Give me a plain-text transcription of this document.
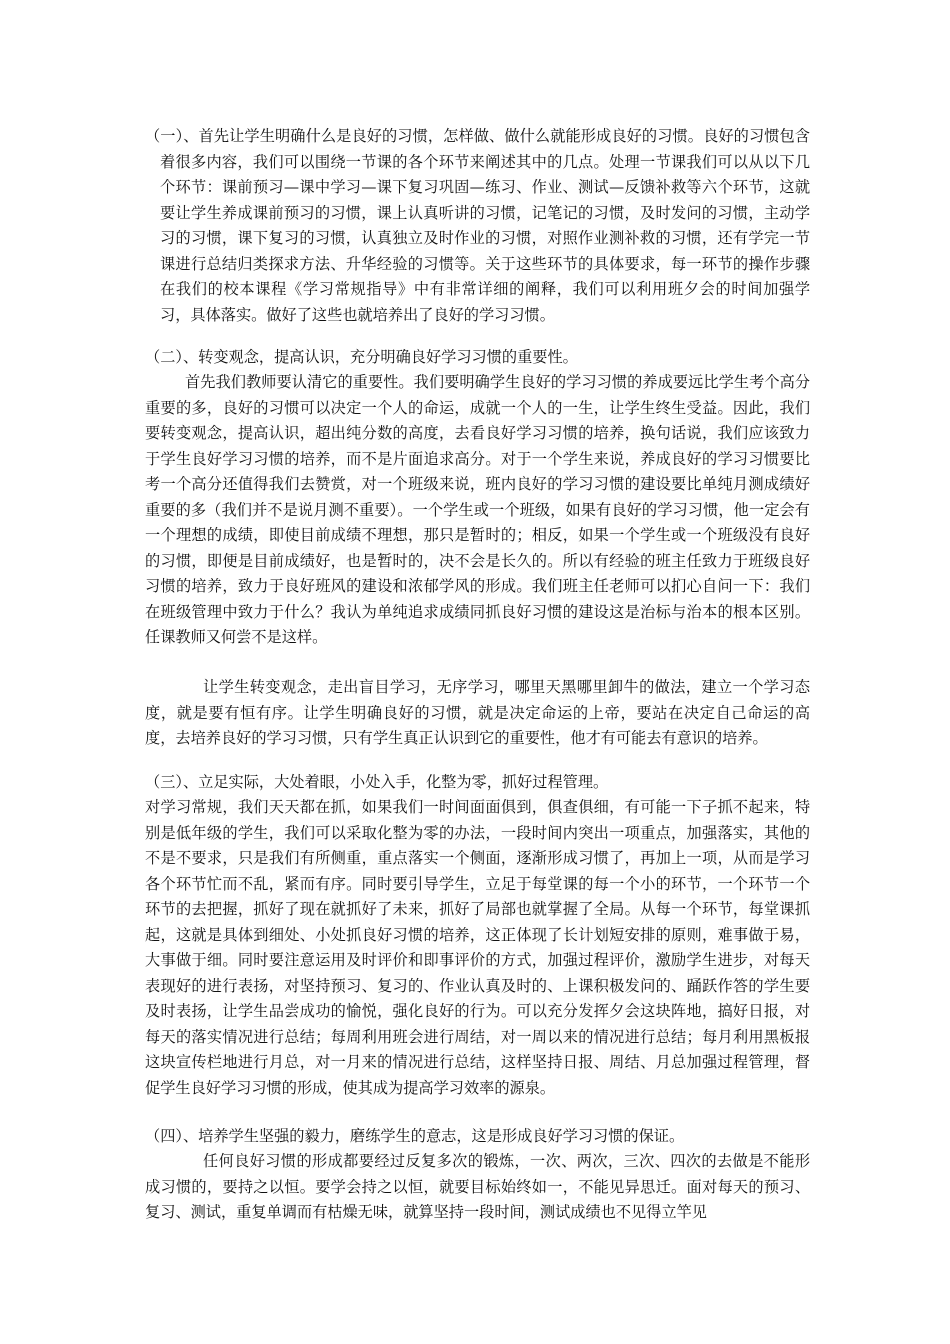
（一）、首先让学生明确什么是良好的习惯，怎样做、做什么就能形成良好的习惯。良好的习惯包含着很多内容，我们可以围绕一节课的各个环节来阐述其中的几点。处理一节课我们可以从以下几个环节：课前预习—课中学习—课下复习巩固—练习、作业、测试—反馈补救等六个环节，这就要让学生养成课前预习的习惯，课上认真听讲的习惯，记笔记的习惯，及时发问的习惯，主动学习的习惯，课下复习的习惯，认真独立及时作业的习惯，对照作业测补救的习惯，还有学完一节课进行总结归类探求方法、升华经验的习惯等。关于这些环节的具体要求，每一环节的操作步骤在我们的校本课程《学习常规指导》中有非常详细的阐释，我们可以利用班夕会的时间加强学习，具体落实。做好了这些也就培养出了良好的学习习惯。

（二）、转变观念，提高认识，充分明确良好学习习惯的重要性。

首先我们教师要认清它的重要性。我们要明确学生良好的学习习惯的养成要远比学生考个高分重要的多，良好的习惯可以决定一个人的命运，成就一个人的一生，让学生终生受益。因此，我们要转变观念，提高认识，超出纯分数的高度，去看良好学习习惯的培养，换句话说，我们应该致力于学生良好学习习惯的培养，而不是片面追求高分。对于一个学生来说，养成良好的学习习惯要比考一个高分还值得我们去赞赏，对一个班级来说，班内良好的学习习惯的建设要比单纯月测成绩好重要的多（我们并不是说月测不重要）。一个学生或一个班级，如果有良好的学习习惯，他一定会有一个理想的成绩，即使目前成绩不理想，那只是暂时的；相反，如果一个学生或一个班级没有良好的习惯，即便是目前成绩好，也是暂时的，决不会是长久的。所以有经验的班主任致力于班级良好习惯的培养，致力于良好班风的建设和浓郁学风的形成。我们班主任老师可以扪心自问一下：我们在班级管理中致力于什么？我认为单纯追求成绩同抓良好习惯的建设这是治标与治本的根本区别。任课教师又何尝不是这样。

让学生转变观念，走出盲目学习，无序学习，哪里天黑哪里卸牛的做法，建立一个学习态度，就是要有恒有序。让学生明确良好的习惯，就是决定命运的上帝，要站在决定自己命运的高度，去培养良好的学习习惯，只有学生真正认识到它的重要性，他才有可能去有意识的培养。

（三）、立足实际，大处着眼，小处入手，化整为零，抓好过程管理。

对学习常规，我们天天都在抓，如果我们一时间面面俱到，俱查俱细，有可能一下子抓不起来，特别是低年级的学生，我们可以采取化整为零的办法，一段时间内突出一项重点，加强落实，其他的不是不要求，只是我们有所侧重，重点落实一个侧面，逐渐形成习惯了，再加上一项，从而是学习各个环节忙而不乱，紧而有序。同时要引导学生，立足于每堂课的每一个小的环节，一个环节一个环节的去把握，抓好了现在就抓好了未来，抓好了局部也就掌握了全局。从每一个环节，每堂课抓起，这就是具体到细处、小处抓良好习惯的培养，这正体现了长计划短安排的原则，难事做于易，大事做于细。同时要注意运用及时评价和即事评价的方式，加强过程评价，激励学生进步，对每天表现好的进行表扬，对坚持预习、复习的、作业认真及时的、上课积极发问的、踊跃作答的学生要及时表扬，让学生品尝成功的愉悦，强化良好的行为。可以充分发挥夕会这块阵地，搞好日报，对每天的落实情况进行总结；每周利用班会进行周结，对一周以来的情况进行总结；每月利用黑板报这块宣传栏地进行月总，对一月来的情况进行总结，这样坚持日报、周结、月总加强过程管理，督促学生良好学习习惯的形成，使其成为提高学习效率的源泉。

（四）、培养学生坚强的毅力，磨练学生的意志，这是形成良好学习习惯的保证。

任何良好习惯的形成都要经过反复多次的锻炼，一次、两次，三次、四次的去做是不能形成习惯的，要持之以恒。要学会持之以恒，就要目标始终如一，不能见异思迁。面对每天的预习、复习、测试，重复单调而有枯燥无味，就算坚持一段时间，测试成绩也不见得立竿见
